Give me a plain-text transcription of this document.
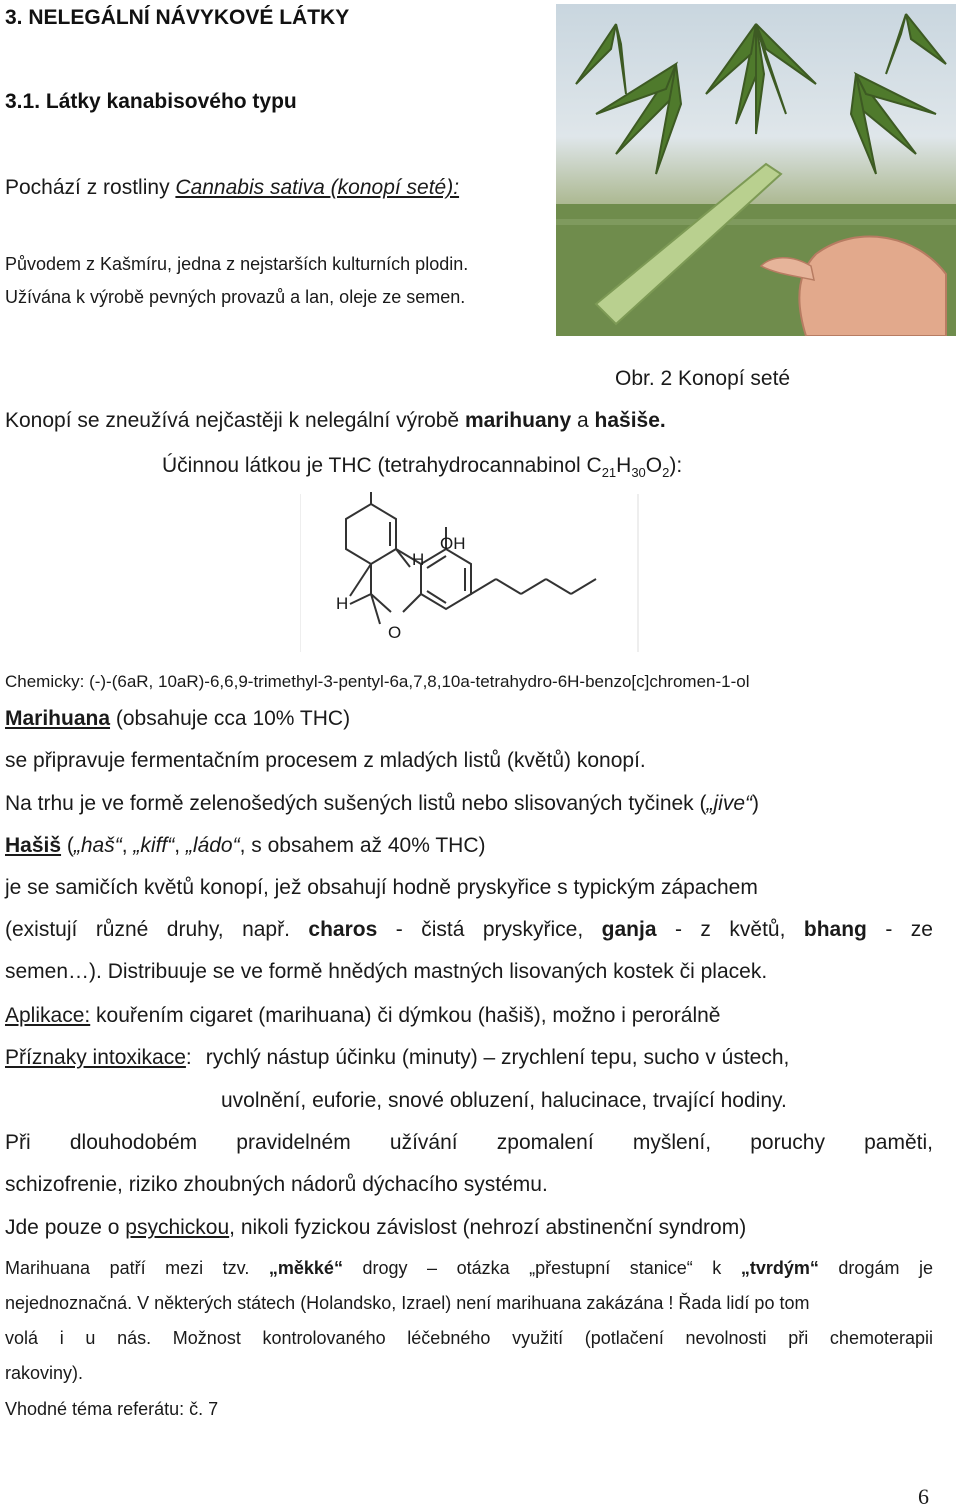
3. NELEGÁLNÍ NÁVYKOVÉ LÁTKY
3.1. Látky kanabisového typu
Pochází z rostliny Cannabis sativa (konopí seté):
Původem z Kašmíru, jedna z nejstarších kulturních plodin.
Užívána k výrobě pevných provazů a lan, oleje ze semen.
Obr. 2 Konopí seté
Konopí se zneužívá nejčastěji k nelegální výrobě marihuany a hašiše.
Účinnou látkou je THC (tetrahydrocannabinol $C_{21}H_{30}O_2$):
OH
H
H
O
Chemicky: (-)-(6aR, 10aR)-6,6,9-trimethyl-3-pentyl-6a,7,8,10a-tetrahydro-6H-benzo[c]chromen-1-ol
Marihuana (obsahuje cca 10% THC)
se připravuje fermentačním procesem z mladých listů (květů) konopí.
Na trhu je ve formě zelenošedých sušených listů nebo slisovaných tyčinek („jive“)
Hašiš („haš“, „kiff“, „ládo“, s obsahem až 40% THC)
je se samičích květů konopí, jež obsahují hodně pryskyřice s typickým zápachem
(existují různé druhy, např. charos - čistá pryskyřice, ganja - z květů, bhang - ze
semen…). Distribuuje se ve formě hnědých mastných lisovaných kostek či placek.
Aplikace: kouřením cigaret (marihuana) či dýmkou (hašiš), možno i perorálně
Příznaky intoxikace: rychlý nástup účinku (minuty) – zrychlení tepu, sucho v ústech,
uvolnění, euforie, snové obluzení, halucinace, trvající hodiny.
Při dlouhodobém pravidelném užívání zpomalení myšlení, poruchy paměti,
schizofrenie, riziko zhoubných nádorů dýchacího systému.
Jde pouze o psychickou, nikoli fyzickou závislost (nehrozí abstinenční syndrom)
Marihuana patří mezi tzv. „měkké“ drogy – otázka „přestupní stanice“ k „tvrdým“ drogám je
nejednoznačná. V některých státech (Holandsko, Izrael) není marihuana zakázána ! Řada lidí po tom
volá i u nás. Možnost kontrolovaného léčebného využití (potlačení nevolnosti při chemoterapii
rakoviny).
Vhodné téma referátu: č. 7
6
